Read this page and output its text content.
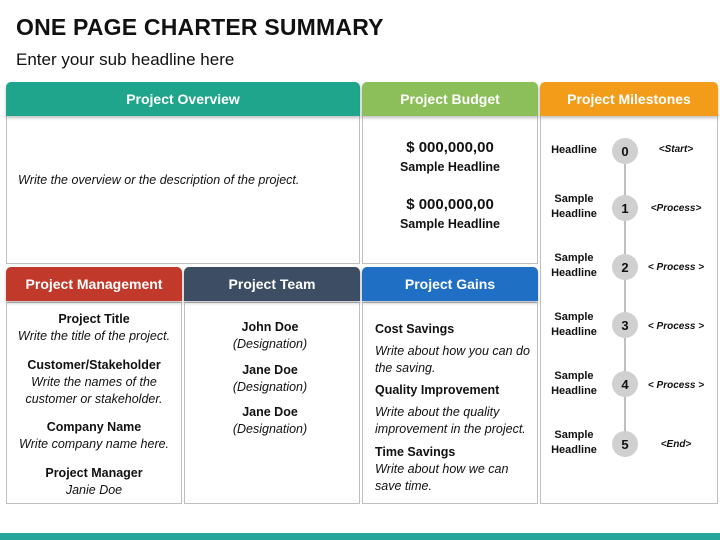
ONE PAGE CHARTER SUMMARY
Enter your sub headline here
Project Overview
Write the overview or the description of the project.
Project Budget
$ 000,000,00
Sample Headline
$ 000,000,00
Sample Headline
Project Milestones
Headline	0	<Start>
Sample Headline	1	<Process>
Sample Headline	2	< Process >
Sample Headline	3	< Process >
Sample Headline	4	< Process >
Sample Headline	5	<End>
Project Management
Project Title
Write the title of the project.
Customer/Stakeholder
Write the names of the customer or stakeholder.
Company Name
Write company name here.
Project Manager
Janie Doe
Project Team
John Doe
(Designation)
Jane Doe
(Designation)
Jane Doe
(Designation)
Project Gains
Cost Savings
Write about how you can do the saving.
Quality Improvement
Write about the quality improvement in the project.
Time Savings
Write about how we can save time.
